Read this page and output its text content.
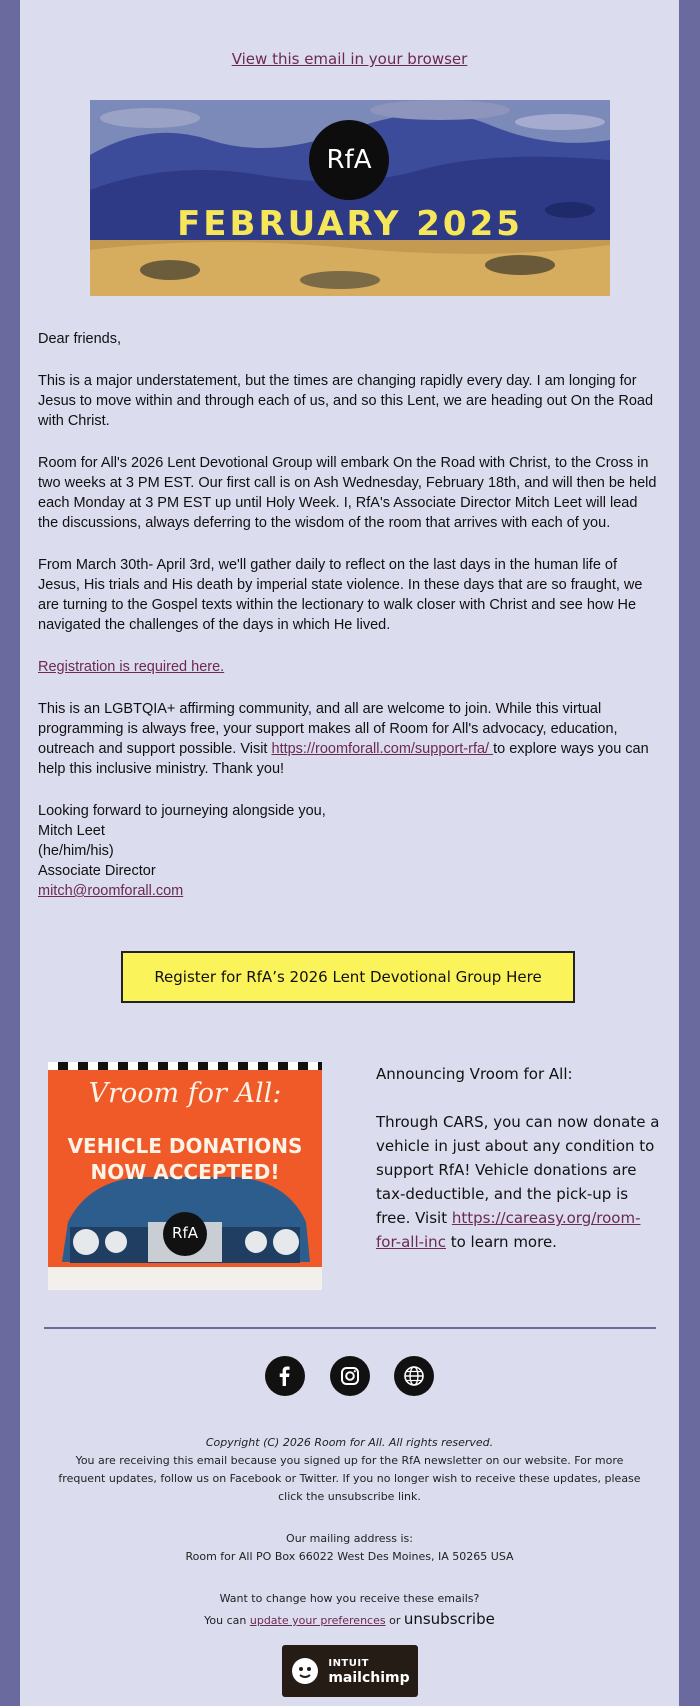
View this email in your browser
RfA
FEBRUARY 2025

Dear friends,

This is a major understatement, but the times are changing rapidly every day. I am longing for Jesus to move within and through each of us, and so this Lent, we are heading out On the Road with Christ.

Room for All's 2026 Lent Devotional Group will embark On the Road with Christ, to the Cross in two weeks at 3 PM EST. Our first call is on Ash Wednesday, February 18th, and will then be held each Monday at 3 PM EST up until Holy Week. I, RfA's Associate Director Mitch Leet will lead the discussions, always deferring to the wisdom of the room that arrives with each of you.

From March 30th- April 3rd, we'll gather daily to reflect on the last days in the human life of Jesus, His trials and His death by imperial state violence. In these days that are so fraught, we are turning to the Gospel texts within the lectionary to walk closer with Christ and see how He navigated the challenges of the days in which He lived.

Registration is required here.

This is an LGBTQIA+ affirming community, and all are welcome to join. While this virtual programming is always free, your support makes all of Room for All's advocacy, education, outreach and support possible. Visit https://roomforall.com/support-rfa/ to explore ways you can help this inclusive ministry. Thank you!

Looking forward to journeying alongside you,
Mitch Leet
(he/him/his)
Associate Director
mitch@roomforall.com

Register for RfA’s 2026 Lent Devotional Group Here
Vroom for All:
VEHICLE DONATIONS
NOW ACCEPTED!
RfA

Announcing Vroom for All:

Through CARS, you can now donate a vehicle in just about any condition to support RfA! Vehicle donations are tax-deductible, and the pick-up is free. Visit https://careasy.org/room-for-all-inc to learn more.

Copyright (C) 2026 Room for All. All rights reserved.
You are receiving this email because you signed up for the RfA newsletter on our website. For more frequent updates, follow us on Facebook or Twitter. If you no longer wish to receive these updates, please click the unsubscribe link.
Our mailing address is:
Room for All PO Box 66022 West Des Moines, IA 50265 USA
Want to change how you receive these emails?
You can update your preferences or unsubscribe
INTUIT
mailchimp
